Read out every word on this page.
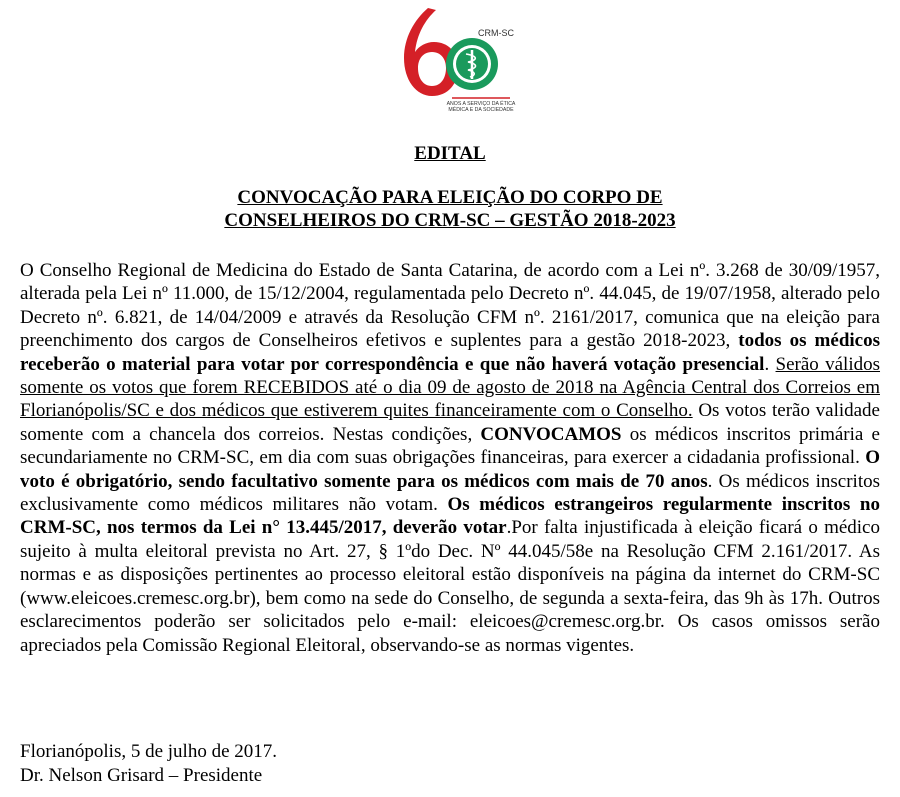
CRM-SC
ANOS A SERVIÇO DA ÉTICA
MÉDICA E DA SOCIEDADE
EDITAL
CONVOCAÇÃO PARA ELEIÇÃO DO CORPO DE
CONSELHEIROS DO CRM-SC – GESTÃO 2018-2023
O Conselho Regional de Medicina do Estado de Santa Catarina, de acordo com a Lei nº. 3.268 de 30/09/1957, alterada pela Lei nº 11.000, de 15/12/2004, regulamentada pelo Decreto nº. 44.045, de 19/07/1958, alterado pelo Decreto nº. 6.821, de 14/04/2009 e através da Resolução CFM nº. 2161/2017, comunica que na eleição para preenchimento dos cargos de Conselheiros efetivos e suplentes para a gestão 2018-2023, todos os médicos receberão o material para votar por correspondência e que não haverá votação presencial. Serão válidos somente os votos que forem RECEBIDOS até o dia 09 de agosto de 2018 na Agência Central dos Correios em Florianópolis/SC e dos médicos que estiverem quites financeiramente com o Conselho. Os votos terão validade somente com a chancela dos correios. Nestas condições, CONVOCAMOS os médicos inscritos primária e secundariamente no CRM-SC, em dia com suas obrigações financeiras, para exercer a cidadania profissional. O voto é obrigatório, sendo facultativo somente para os médicos com mais de 70 anos. Os médicos inscritos exclusivamente como médicos militares não votam. Os médicos estrangeiros regularmente inscritos no CRM-SC, nos termos da Lei n° 13.445/2017, deverão votar.Por falta injustificada à eleição ficará o médico sujeito à multa eleitoral prevista no Art. 27, § 1ºdo Dec. Nº 44.045/58e na Resolução CFM 2.161/2017. As normas e as disposições pertinentes ao processo eleitoral estão disponíveis na página da internet do CRM-SC (www.eleicoes.cremesc.org.br), bem como na sede do Conselho, de segunda a sexta-feira, das 9h às 17h. Outros esclarecimentos poderão ser solicitados pelo e-mail: eleicoes@cremesc.org.br. Os casos omissos serão apreciados pela Comissão Regional Eleitoral, observando-se as normas vigentes.
Florianópolis, 5 de julho de 2017.
Dr. Nelson Grisard – Presidente
